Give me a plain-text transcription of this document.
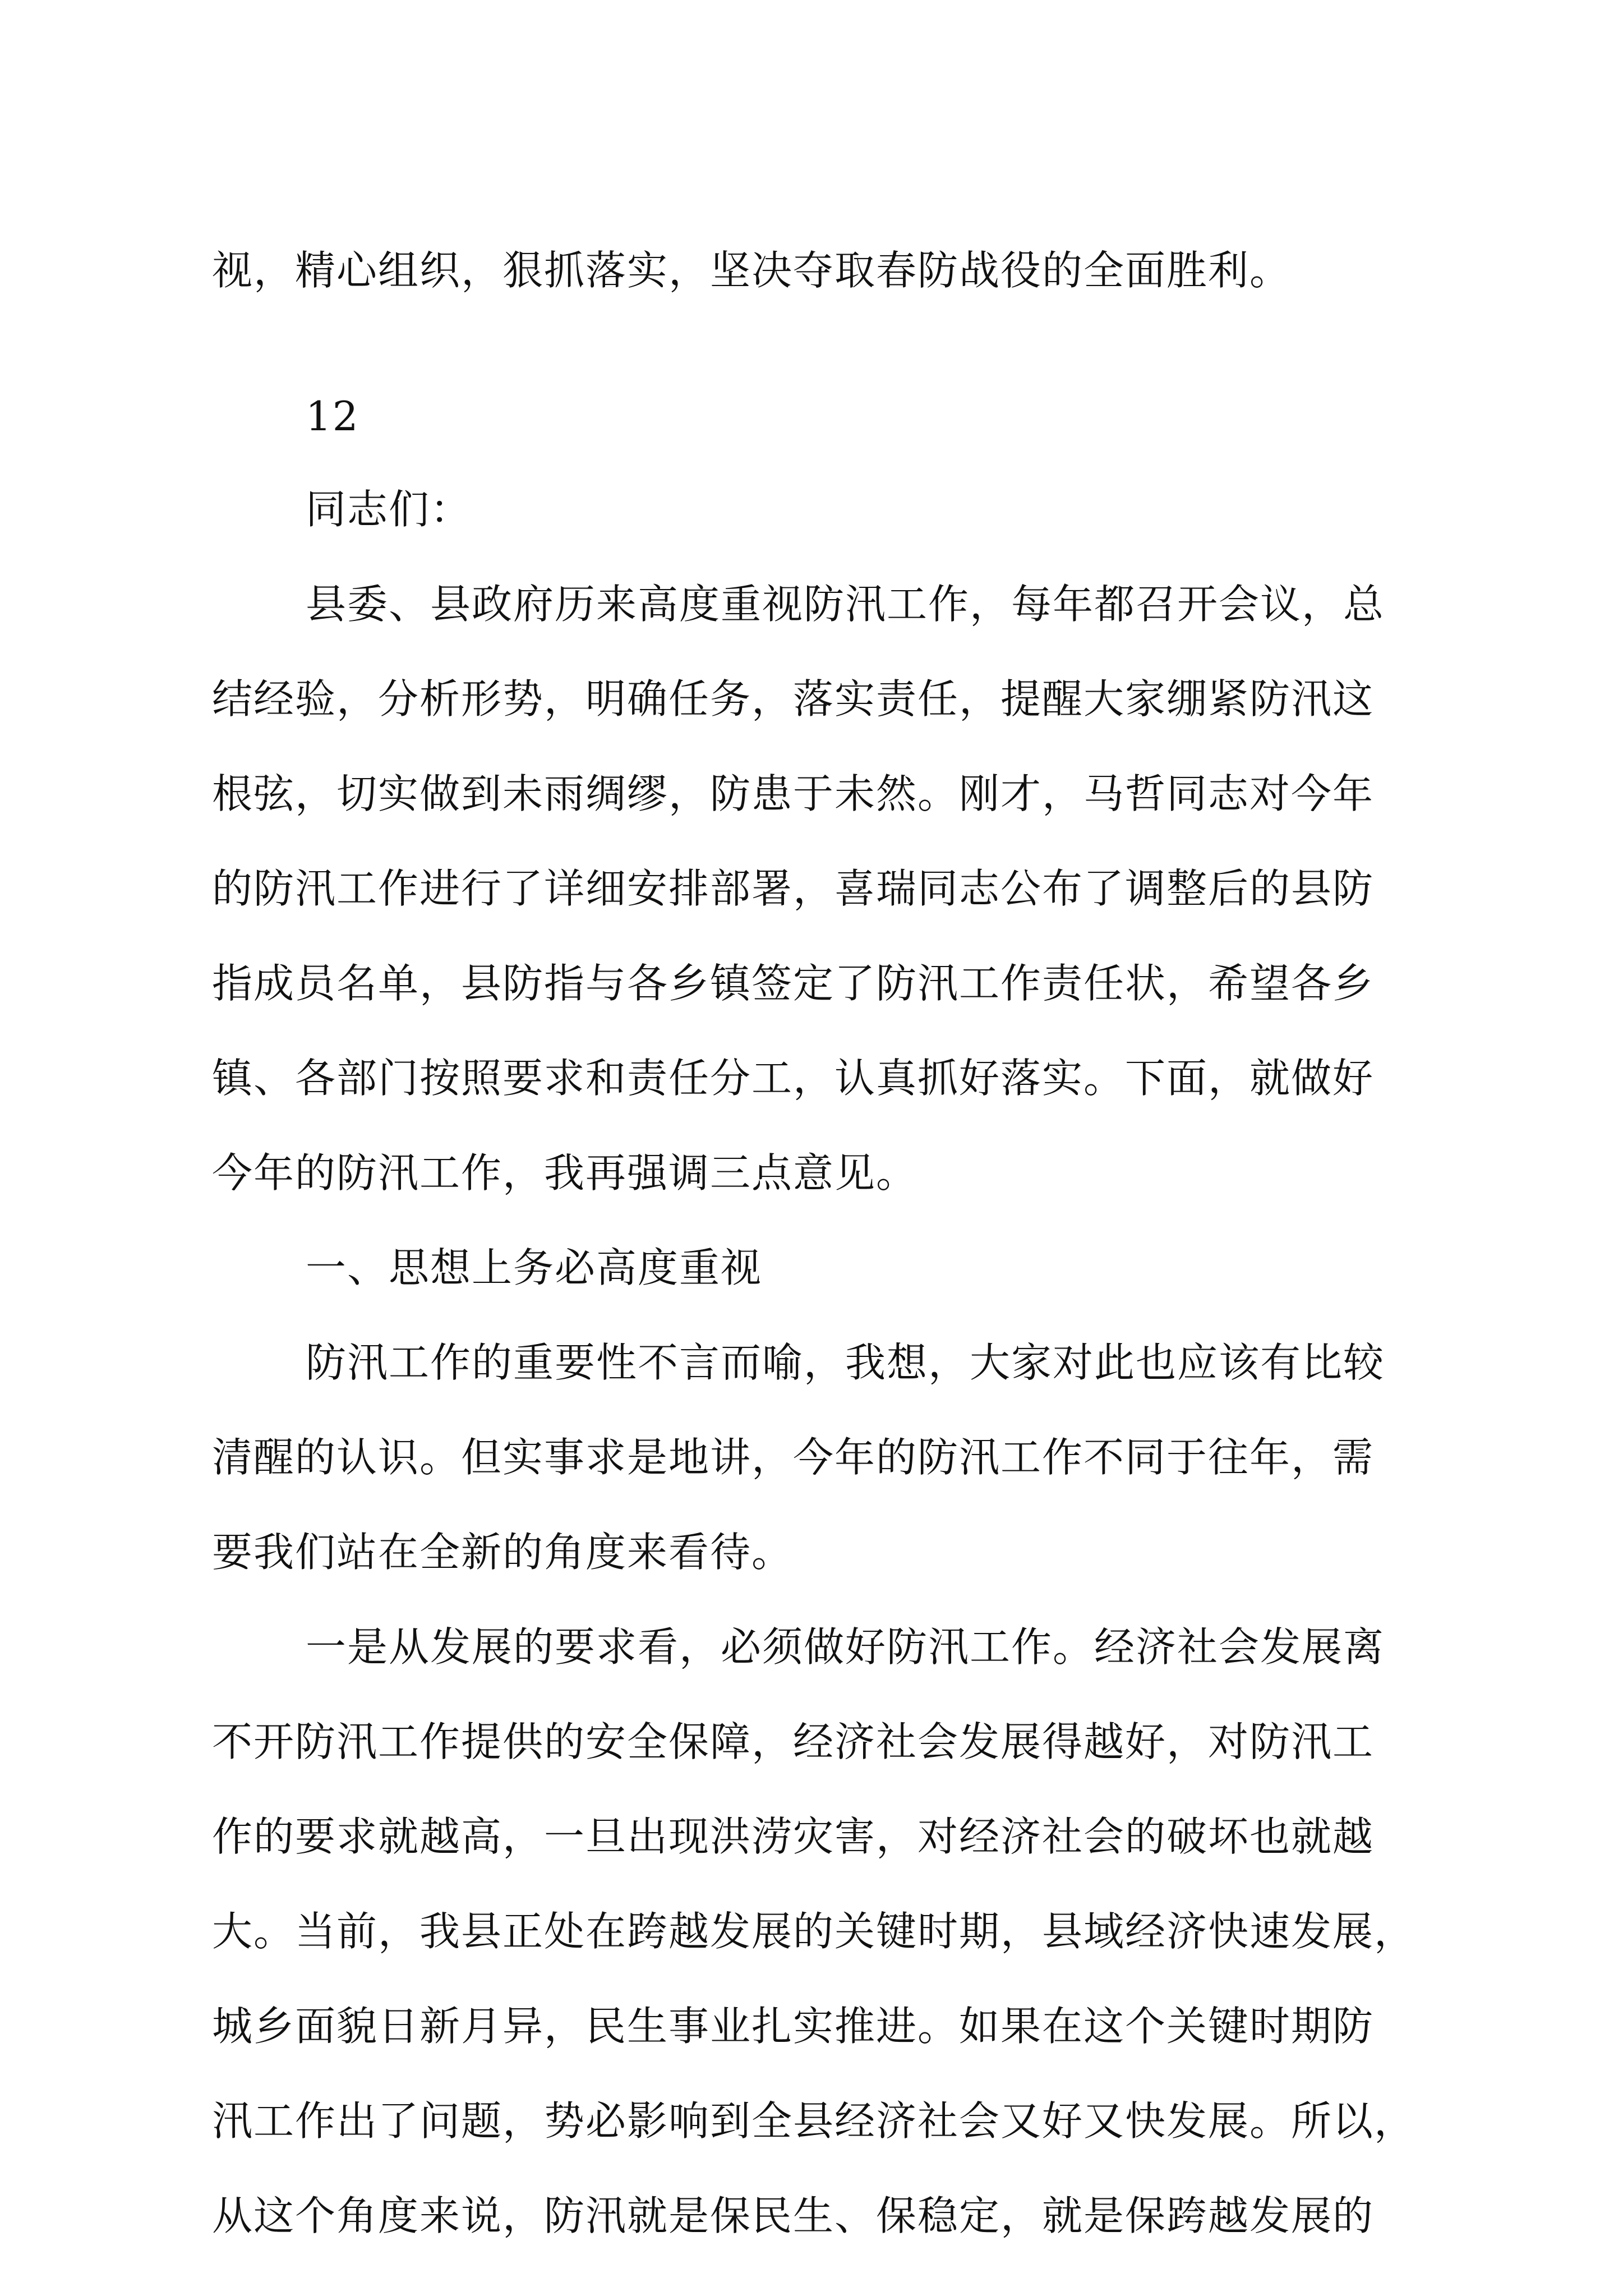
视，精心组织，狠抓落实，坚决夺取春防战役的全面胜利。
12
同志们：
县委、县政府历来高度重视防汛工作，每年都召开会议，总
结经验，分析形势，明确任务，落实责任，提醒大家绷紧防汛这
根弦，切实做到未雨绸缪，防患于未然。刚才，马哲同志对今年
的防汛工作进行了详细安排部署，喜瑞同志公布了调整后的县防
指成员名单，县防指与各乡镇签定了防汛工作责任状，希望各乡
镇、各部门按照要求和责任分工，认真抓好落实。下面，就做好
今年的防汛工作，我再强调三点意见。
一、思想上务必高度重视
防汛工作的重要性不言而喻，我想，大家对此也应该有比较
清醒的认识。但实事求是地讲，今年的防汛工作不同于往年，需
要我们站在全新的角度来看待。
一是从发展的要求看，必须做好防汛工作。经济社会发展离
不开防汛工作提供的安全保障，经济社会发展得越好，对防汛工
作的要求就越高，一旦出现洪涝灾害，对经济社会的破坏也就越
大。当前，我县正处在跨越发展的关键时期，县域经济快速发展，
城乡面貌日新月异，民生事业扎实推进。如果在这个关键时期防
汛工作出了问题，势必影响到全县经济社会又好又快发展。所以，
从这个角度来说，防汛就是保民生、保稳定，就是保跨越发展的
